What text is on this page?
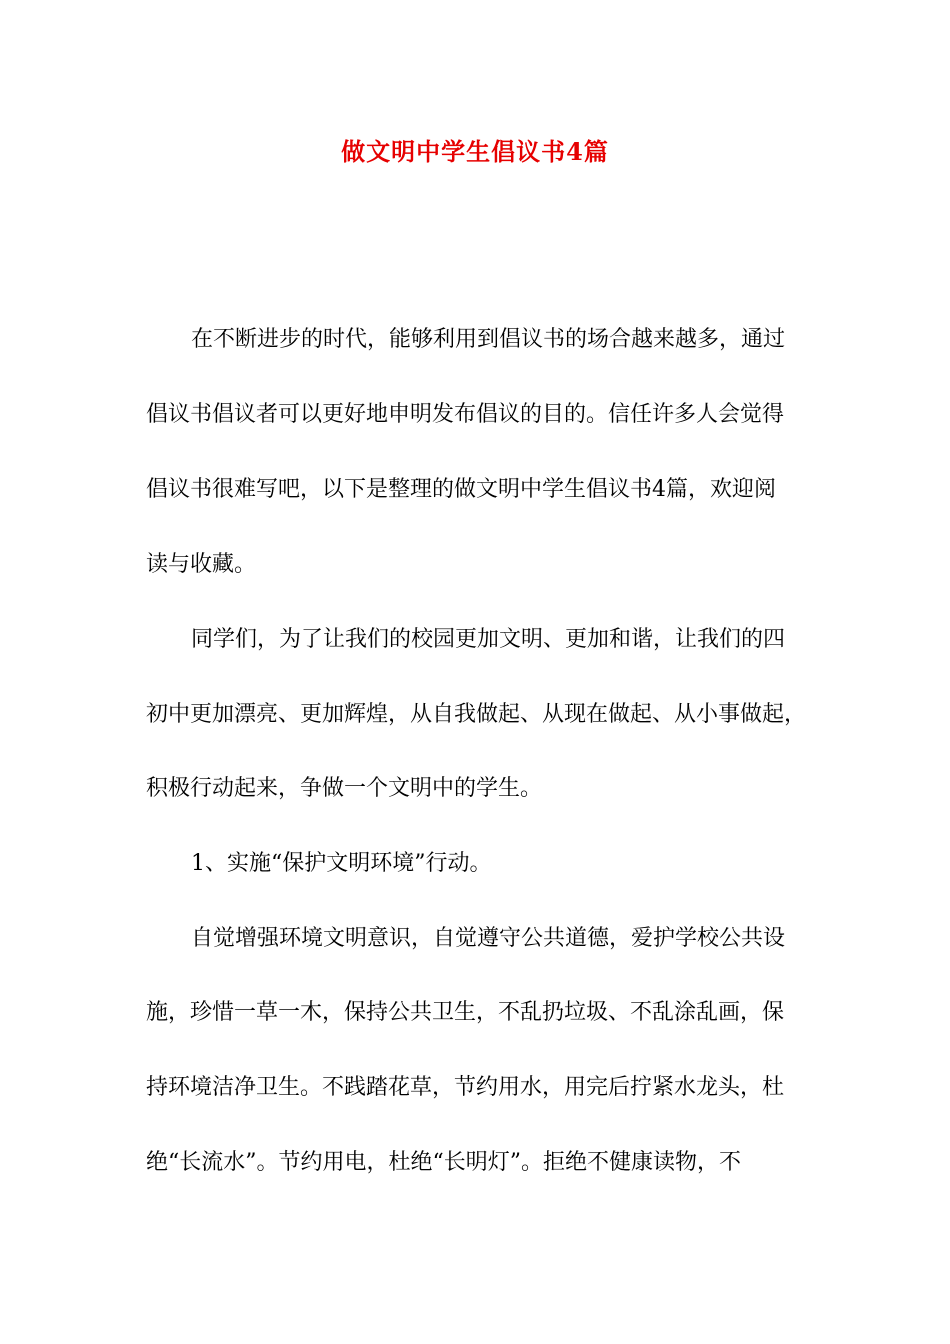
做文明中学生倡议书4篇
在不断进步的时代，能够利用到倡议书的场合越来越多，通过
倡议书倡议者可以更好地申明发布倡议的目的。信任许多人会觉得
倡议书很难写吧，以下是整理的做文明中学生倡议书4篇，欢迎阅
读与收藏。
同学们，为了让我们的校园更加文明、更加和谐，让我们的四
初中更加漂亮、更加辉煌，从自我做起、从现在做起、从小事做起，
积极行动起来，争做一个文明中的学生。
1、实施“保护文明环境”行动。
自觉增强环境文明意识，自觉遵守公共道德，爱护学校公共设
施，珍惜一草一木，保持公共卫生，不乱扔垃圾、不乱涂乱画，保
持环境洁净卫生。不践踏花草，节约用水，用完后拧紧水龙头，杜
绝“长流水”。节约用电，杜绝“长明灯”。拒绝不健康读物，不
